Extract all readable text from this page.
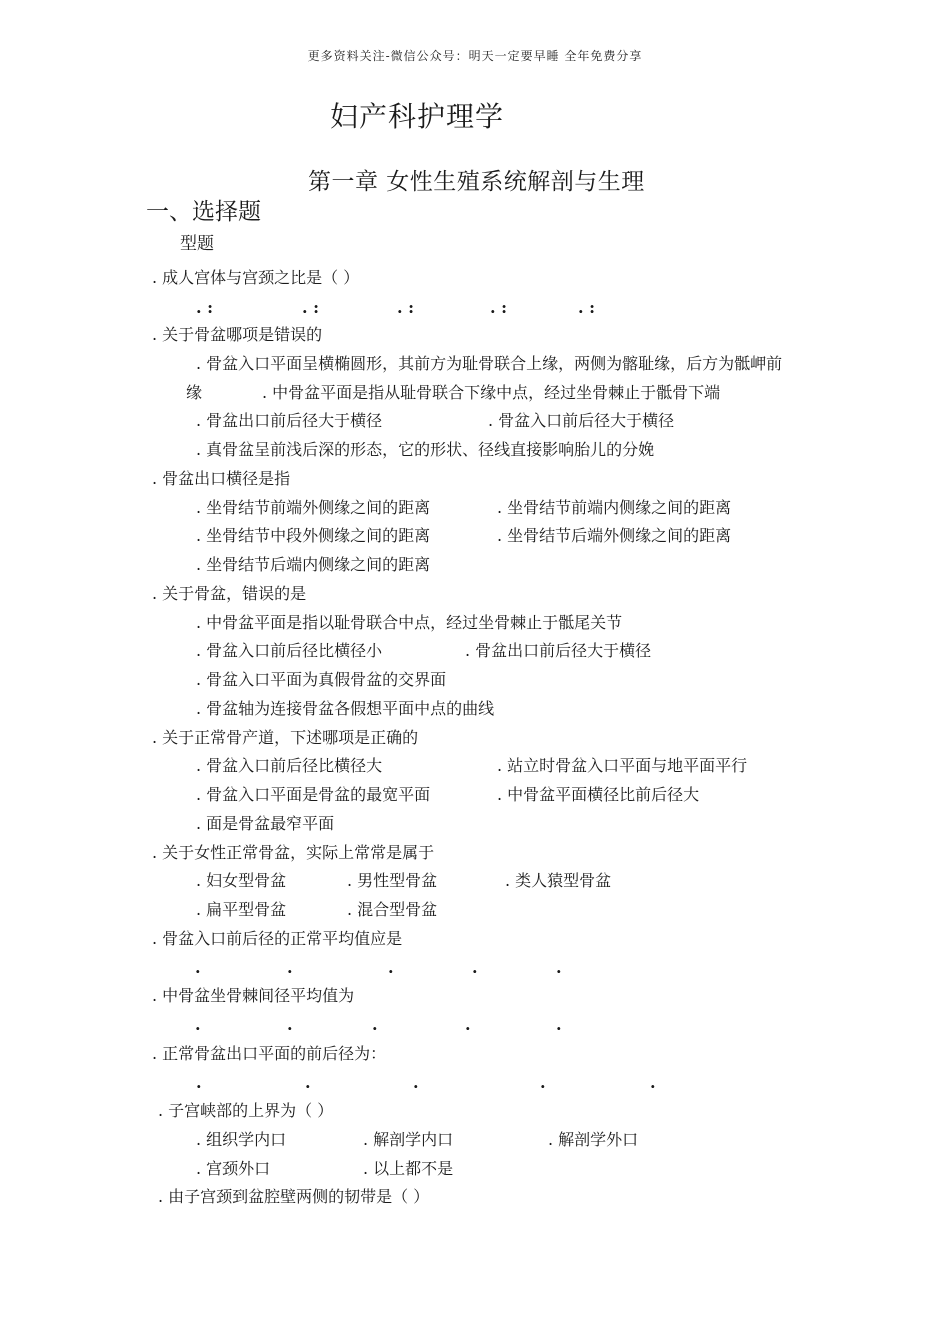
更多资料关注-微信公众号：明天一定要早睡 全年免费分享
妇产科护理学
第一章 女性生殖系统解剖与生理
一、选择题
型题
. 成人宫体与宫颈之比是（ ）
. :	. :	. :	. :	. :
. 关于骨盆哪项是错误的
. 骨盆入口平面呈横椭圆形，其前方为耻骨联合上缘，两侧为髂耻缘，后方为骶岬前
缘	. 中骨盆平面是指从耻骨联合下缘中点，经过坐骨棘止于骶骨下端
. 骨盆出口前后径大于横径	. 骨盆入口前后径大于横径
. 真骨盆呈前浅后深的形态，它的形状、径线直接影响胎儿的分娩
. 骨盆出口横径是指
. 坐骨结节前端外侧缘之间的距离	. 坐骨结节前端内侧缘之间的距离
. 坐骨结节中段外侧缘之间的距离	. 坐骨结节后端外侧缘之间的距离
. 坐骨结节后端内侧缘之间的距离
. 关于骨盆，错误的是
. 中骨盆平面是指以耻骨联合中点，经过坐骨棘止于骶尾关节
. 骨盆入口前后径比横径小	. 骨盆出口前后径大于横径
. 骨盆入口平面为真假骨盆的交界面
. 骨盆轴为连接骨盆各假想平面中点的曲线
. 关于正常骨产道，下述哪项是正确的
. 骨盆入口前后径比横径大	. 站立时骨盆入口平面与地平面平行
. 骨盆入口平面是骨盆的最宽平面	. 中骨盆平面横径比前后径大
. 面是骨盆最窄平面
. 关于女性正常骨盆，实际上常常是属于
. 妇女型骨盆	. 男性型骨盆	. 类人猿型骨盆
. 扁平型骨盆	. 混合型骨盆
. 骨盆入口前后径的正常平均值应是
.	.	.	.	.
. 中骨盆坐骨棘间径平均值为
.	.	.	.	.
. 正常骨盆出口平面的前后径为：
.	.	.	.	.
. 子宫峡部的上界为（ ）
. 组织学内口	. 解剖学内口	. 解剖学外口
. 宫颈外口	. 以上都不是
. 由子宫颈到盆腔壁两侧的韧带是（ ）
